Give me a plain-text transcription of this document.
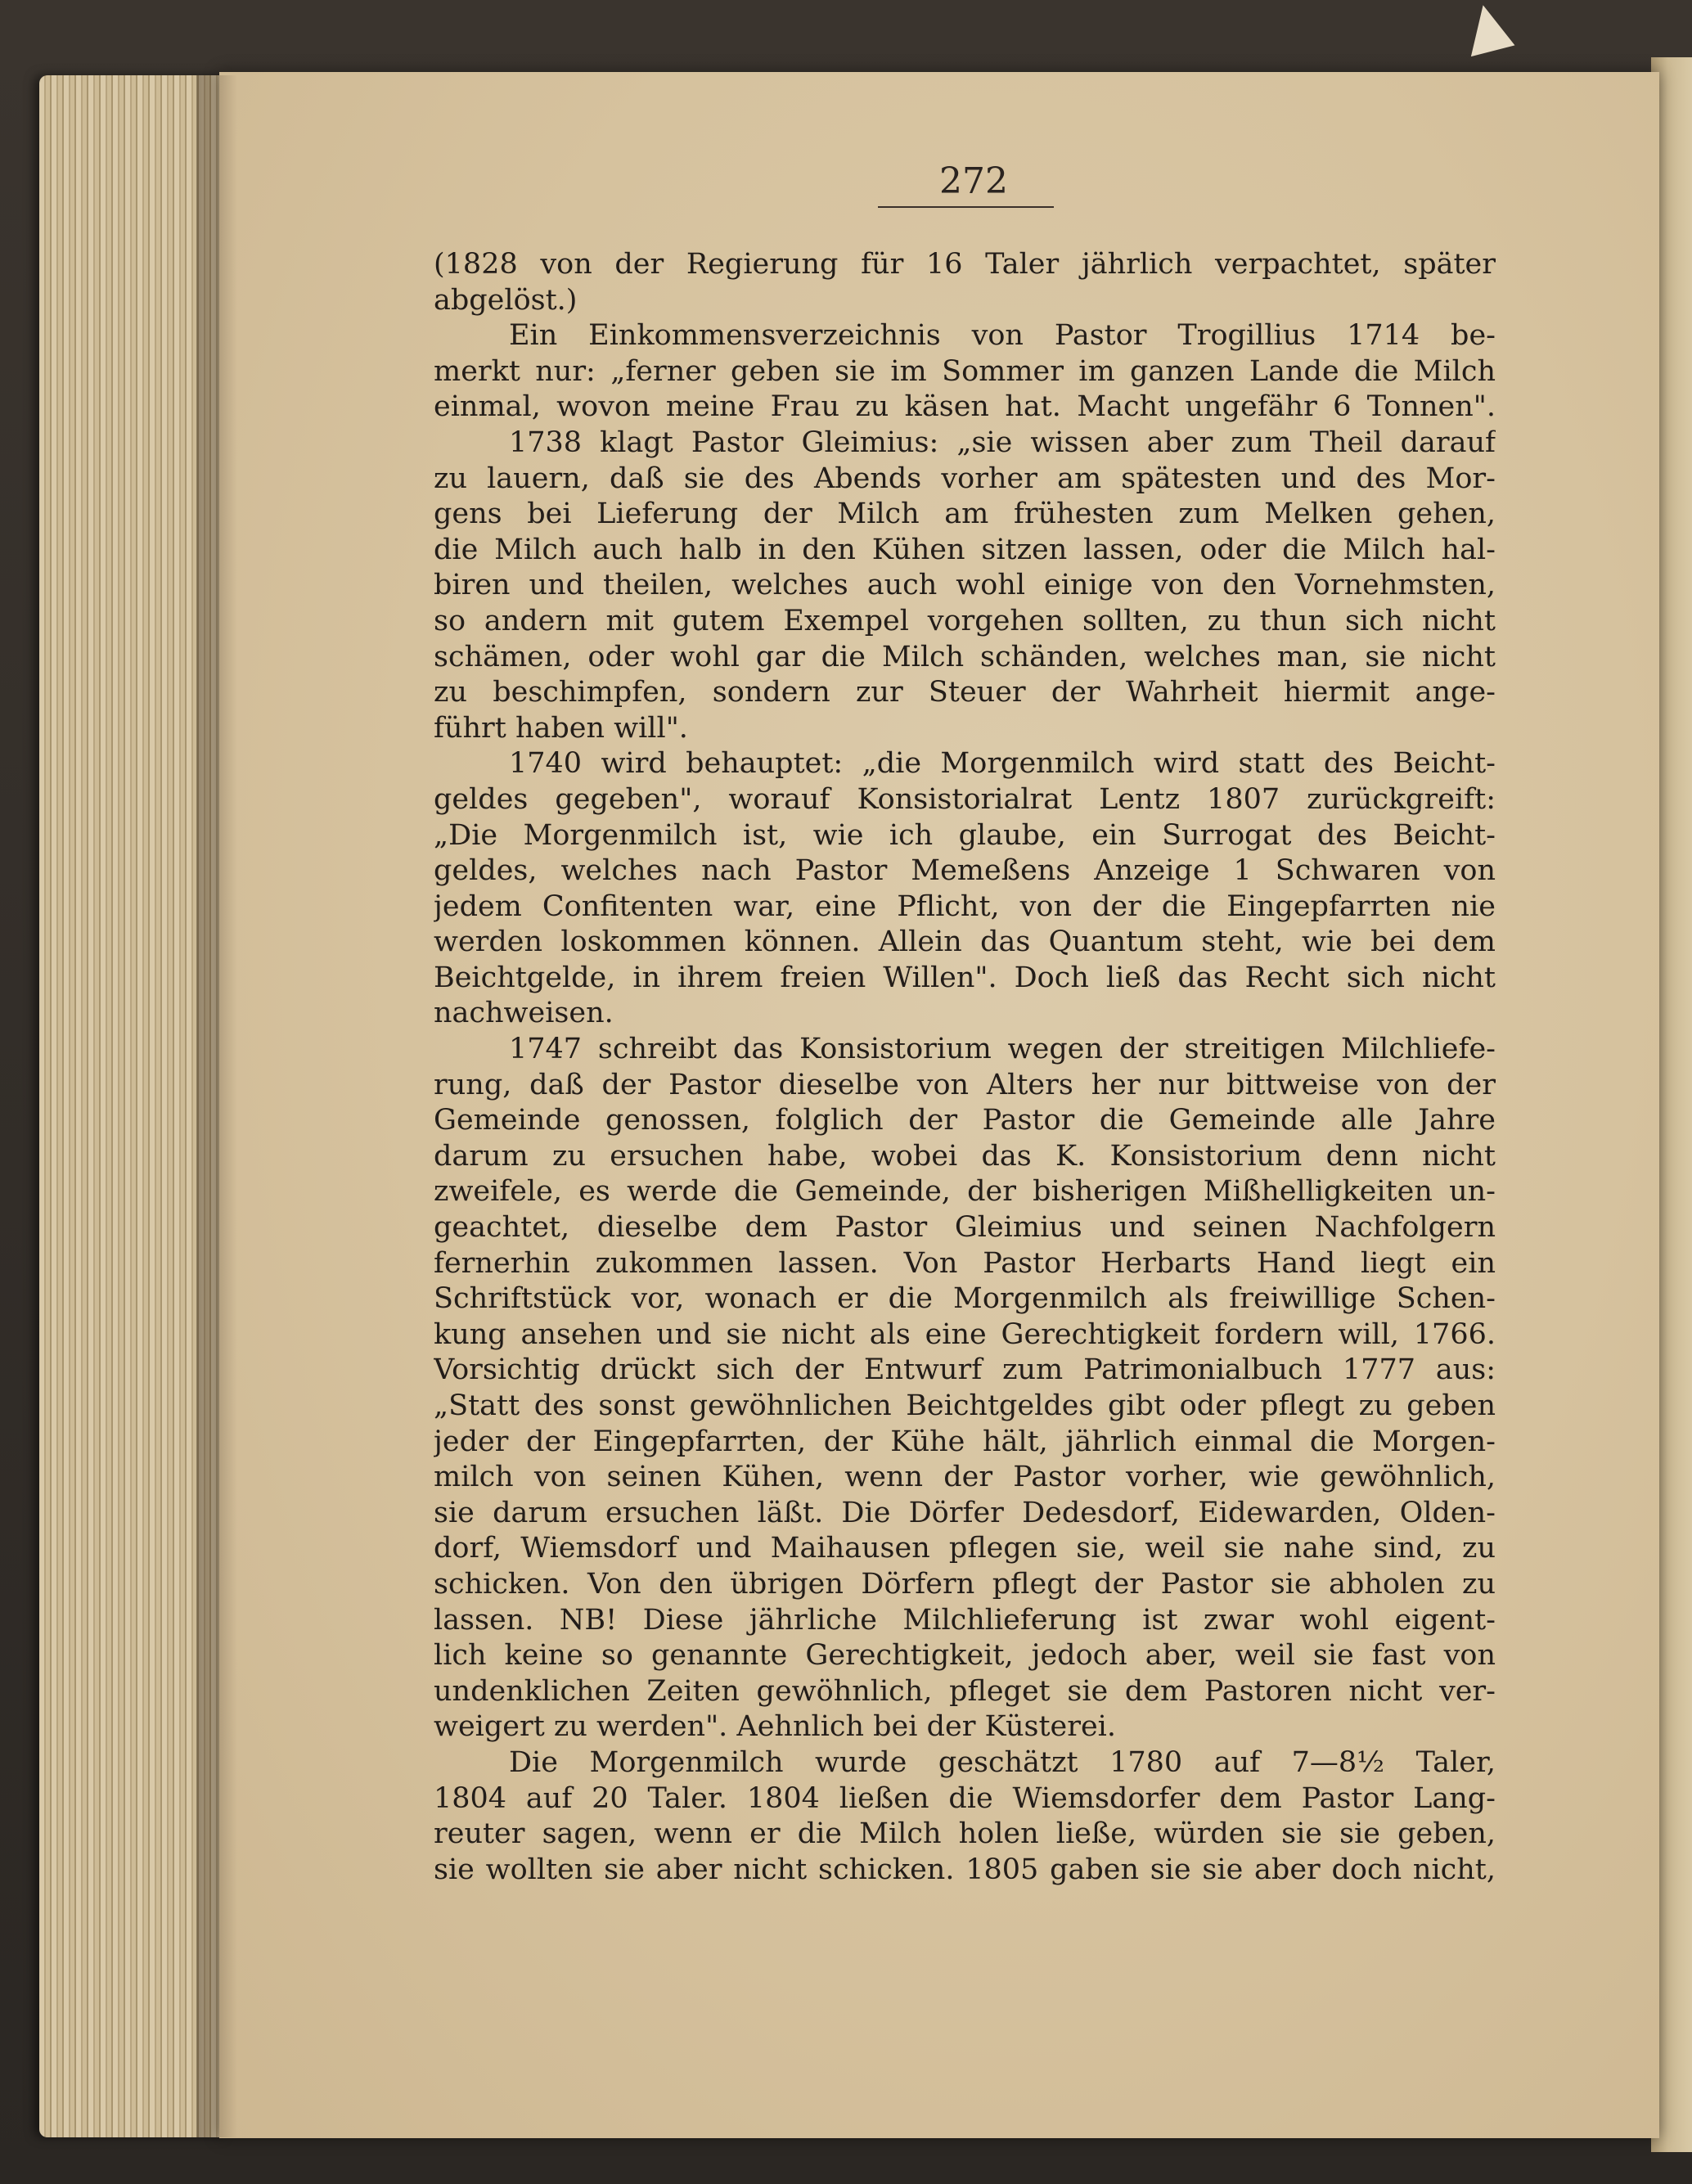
272
(1828 von der Regierung für 16 Taler jährlich verpachtet, später
abgelöst.)
Ein Einkommensverzeichnis von Pastor Trogillius 1714 be-
merkt nur: „ferner geben sie im Sommer im ganzen Lande die Milch
einmal, wovon meine Frau zu käsen hat. Macht ungefähr 6 Tonnen".
1738 klagt Pastor Gleimius: „sie wissen aber zum Theil darauf
zu lauern, daß sie des Abends vorher am spätesten und des Mor-
gens bei Lieferung der Milch am frühesten zum Melken gehen,
die Milch auch halb in den Kühen sitzen lassen, oder die Milch hal-
biren und theilen, welches auch wohl einige von den Vornehmsten,
so andern mit gutem Exempel vorgehen sollten, zu thun sich nicht
schämen, oder wohl gar die Milch schänden, welches man, sie nicht
zu beschimpfen, sondern zur Steuer der Wahrheit hiermit ange-
führt haben will".
1740 wird behauptet: „die Morgenmilch wird statt des Beicht-
geldes gegeben", worauf Konsistorialrat Lentz 1807 zurückgreift:
„Die Morgenmilch ist, wie ich glaube, ein Surrogat des Beicht-
geldes, welches nach Pastor Memeßens Anzeige 1 Schwaren von
jedem Confitenten war, eine Pflicht, von der die Eingepfarrten nie
werden loskommen können. Allein das Quantum steht, wie bei dem
Beichtgelde, in ihrem freien Willen". Doch ließ das Recht sich nicht
nachweisen.
1747 schreibt das Konsistorium wegen der streitigen Milchliefe-
rung, daß der Pastor dieselbe von Alters her nur bittweise von der
Gemeinde genossen, folglich der Pastor die Gemeinde alle Jahre
darum zu ersuchen habe, wobei das K. Konsistorium denn nicht
zweifele, es werde die Gemeinde, der bisherigen Mißhelligkeiten un-
geachtet, dieselbe dem Pastor Gleimius und seinen Nachfolgern
fernerhin zukommen lassen. Von Pastor Herbarts Hand liegt ein
Schriftstück vor, wonach er die Morgenmilch als freiwillige Schen-
kung ansehen und sie nicht als eine Gerechtigkeit fordern will, 1766.
Vorsichtig drückt sich der Entwurf zum Patrimonialbuch 1777 aus:
„Statt des sonst gewöhnlichen Beichtgeldes gibt oder pflegt zu geben
jeder der Eingepfarrten, der Kühe hält, jährlich einmal die Morgen-
milch von seinen Kühen, wenn der Pastor vorher, wie gewöhnlich,
sie darum ersuchen läßt. Die Dörfer Dedesdorf, Eidewarden, Olden-
dorf, Wiemsdorf und Maihausen pflegen sie, weil sie nahe sind, zu
schicken. Von den übrigen Dörfern pflegt der Pastor sie abholen zu
lassen. NB! Diese jährliche Milchlieferung ist zwar wohl eigent-
lich keine so genannte Gerechtigkeit, jedoch aber, weil sie fast von
undenklichen Zeiten gewöhnlich, pfleget sie dem Pastoren nicht ver-
weigert zu werden". Aehnlich bei der Küsterei.
Die Morgenmilch wurde geschätzt 1780 auf 7—8½ Taler,
1804 auf 20 Taler. 1804 ließen die Wiemsdorfer dem Pastor Lang-
reuter sagen, wenn er die Milch holen ließe, würden sie sie geben,
sie wollten sie aber nicht schicken. 1805 gaben sie sie aber doch nicht,
